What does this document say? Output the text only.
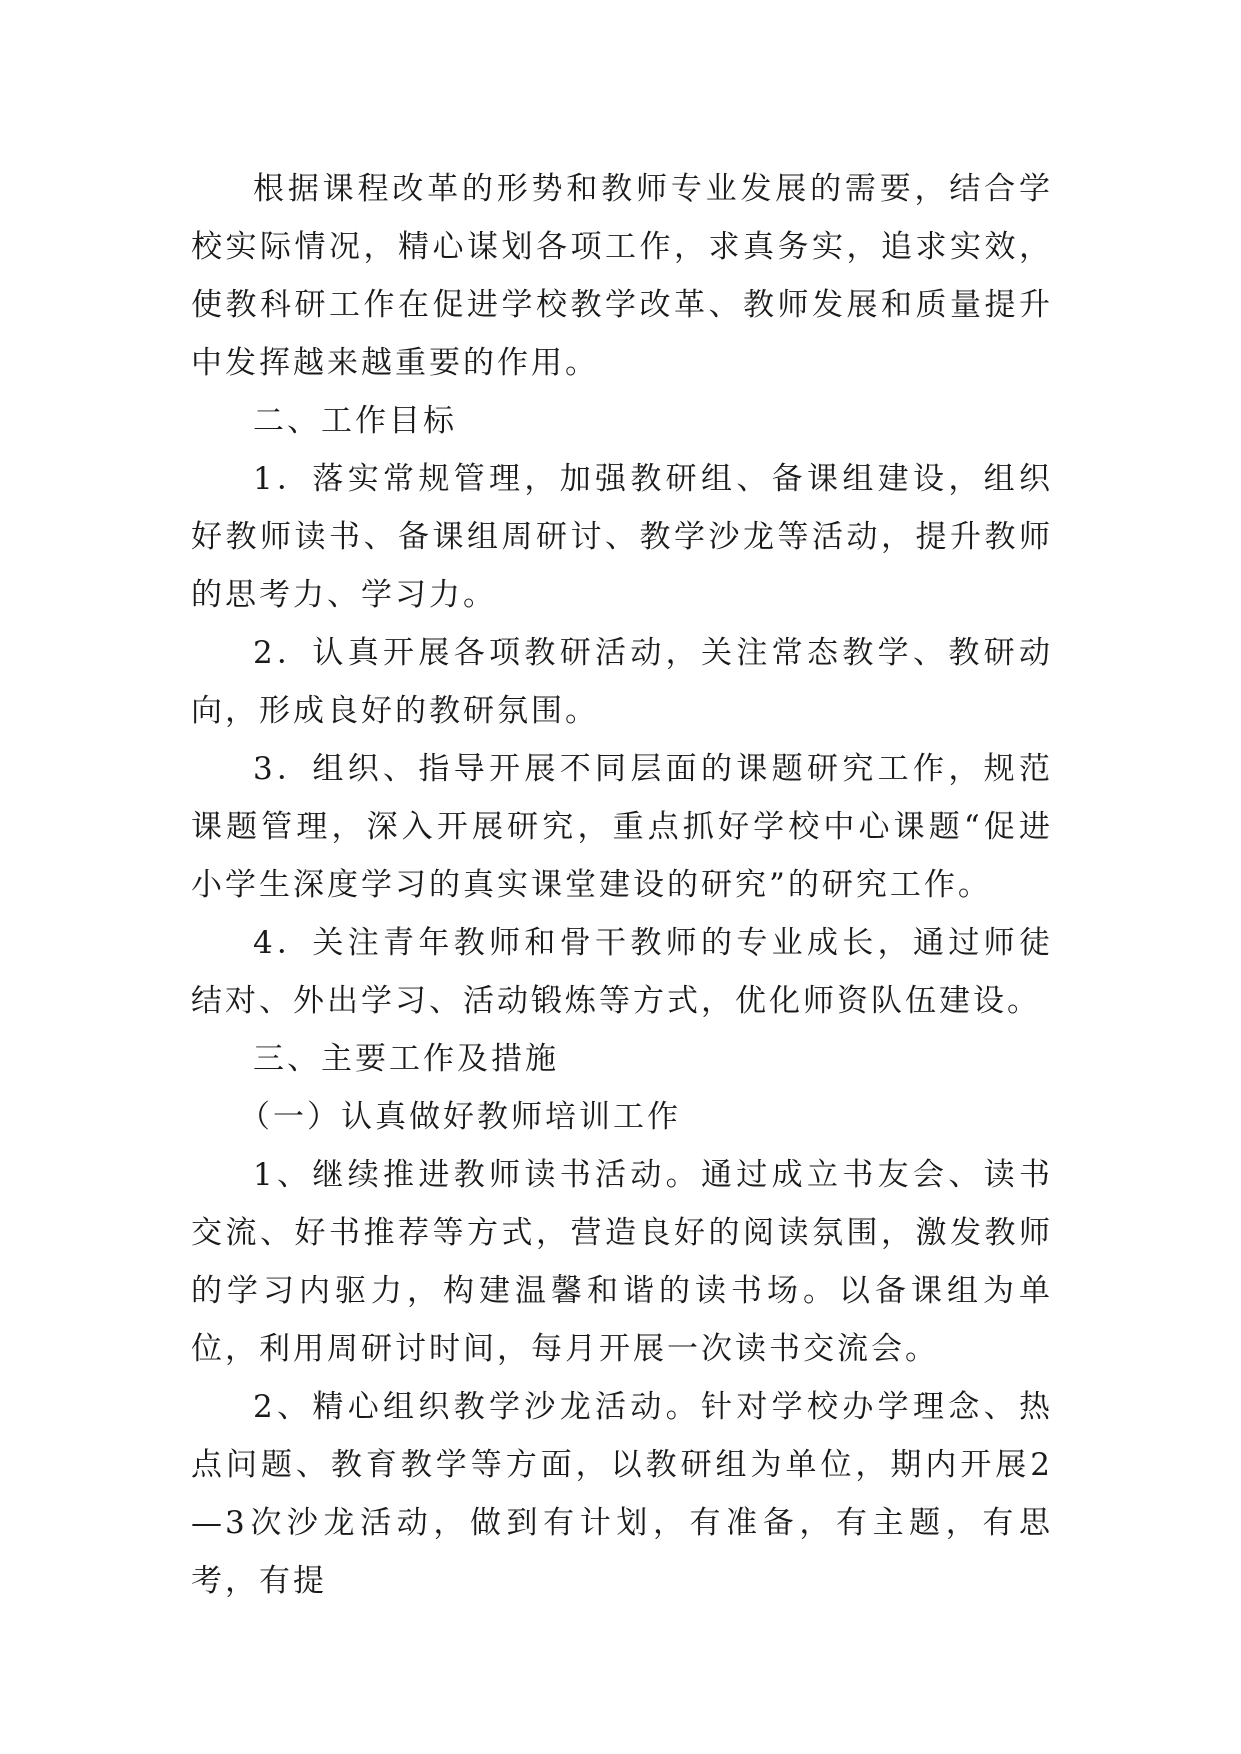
根据课程改革的形势和教师专业发展的需要，结合学校实际情况，精心谋划各项工作，求真务实，追求实效，使教科研工作在促进学校教学改革、教师发展和质量提升中发挥越来越重要的作用。

二、工作目标

1．落实常规管理，加强教研组、备课组建设，组织好教师读书、备课组周研讨、教学沙龙等活动，提升教师的思考力、学习力。

2．认真开展各项教研活动，关注常态教学、教研动向，形成良好的教研氛围。

3．组织、指导开展不同层面的课题研究工作，规范课题管理，深入开展研究，重点抓好学校中心课题“促进小学生深度学习的真实课堂建设的研究”的研究工作。

4．关注青年教师和骨干教师的专业成长，通过师徒结对、外出学习、活动锻炼等方式，优化师资队伍建设。

三、主要工作及措施

（一）认真做好教师培训工作

1、继续推进教师读书活动。通过成立书友会、读书交流、好书推荐等方式，营造良好的阅读氛围，激发教师的学习内驱力，构建温馨和谐的读书场。以备课组为单位，利用周研讨时间，每月开展一次读书交流会。

2、精心组织教学沙龙活动。针对学校办学理念、热点问题、教育教学等方面，以教研组为单位，期内开展2—3次沙龙活动，做到有计划，有准备，有主题，有思考，有提
